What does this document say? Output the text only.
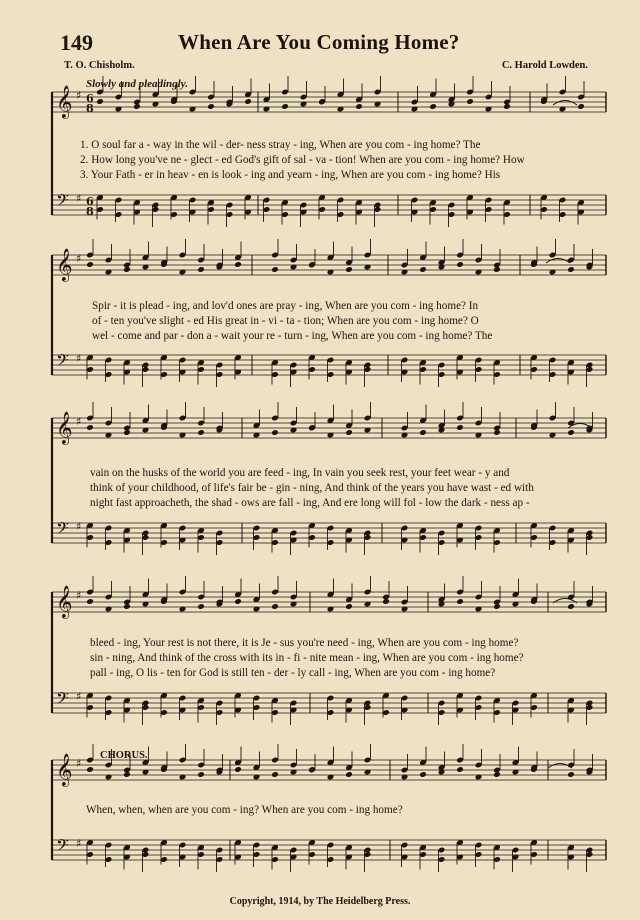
149	When Are You Coming Home?
T. O. Chisholm.	C. Harold Lowden.
Slowly and pleadingly.
CHORUS.
𝄞 ♯ 6
8
𝄢 ♯ 6
8
𝄞 ♯
𝄢 ♯
𝄞 ♯
𝄢 ♯
𝄞 ♯
𝄢 ♯
𝄞 ♯
𝄢 ♯

1. O soul far a - way in the wil - der- ness stray - ing, When are you com - ing home? The

2. How long you've ne - glect - ed God's gift of sal - va - tion! When are you com - ing home? How

3. Your Fath - er in heav - en is look - ing and yearn - ing, When are you com - ing home? His

Spir - it is plead - ing, and lov'd ones are pray - ing, When are you com - ing home? In

of - ten you've slight - ed His great in - vi - ta - tion; When are you com - ing home? O

wel - come and par - don a - wait your re - turn - ing, When are you com - ing home? The

vain on the husks of the world you are feed - ing, In vain you seek rest, your feet wear - y and

think of your childhood, of life's fair be - gin - ning, And think of the years you have wast - ed with

night fast approacheth, the shad - ows are fall - ing, And ere long will fol - low the dark - ness ap -

bleed - ing, Your rest is not there, it is Je - sus you're need - ing, When are you com - ing home?

sin - ning, And think of the cross with its in - fi - nite mean - ing, When are you com - ing home?

pall - ing, O lis - ten for God is still ten - der - ly call - ing, When are you com - ing home?

When, when, when are you com - ing? When are you com - ing home?

Copyright, 1914, by The Heidelberg Press.
